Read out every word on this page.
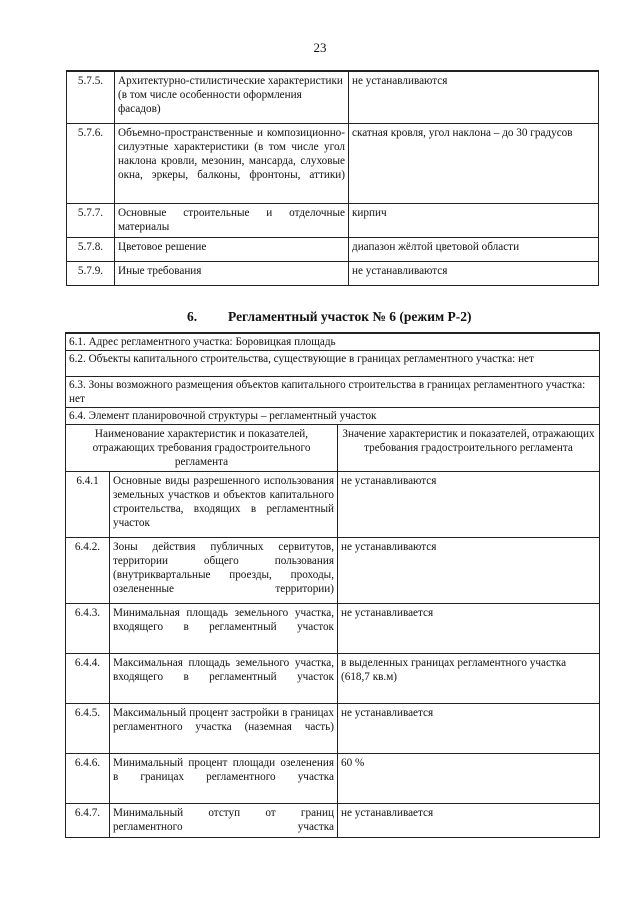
23
5.7.5.	Архитектурно-стилистические характеристики (в том числе особенности оформления фасадов)	не устанавливаются
5.7.6.	Объемно-пространственные и композиционно-силуэтные характеристики (в том числе угол наклона кровли, мезонин, мансарда, слуховые окна, эркеры, балконы, фронтоны, аттики)	скатная кровля, угол наклона – до 30 градусов
5.7.7.	Основные строительные и отделочные материалы	кирпич
5.7.8.	Цветовое решение	диапазон жёлтой цветовой области
5.7.9.	Иные требования	не устанавливаются
6. Регламентный участок № 6 (режим Р-2)
6.1. Адрес регламентного участка: Боровицкая площадь		
6.2. Объекты капитального строительства, существующие в границах регламентного участка: нет		
6.3. Зоны возможного размещения объектов капитального строительства в границах регламентного участка: нет		
6.4. Элемент планировочной структуры – регламентный участок		
Наименование характеристик и показателей, отражающих требования градостроительного регламента		Значение характеристик и показателей, отражающих требования градостроительного регламента
6.4.1	Основные виды разрешенного использования земельных участков и объектов капитального строительства, входящих в регламентный участок	не устанавливаются
6.4.2.	Зоны действия публичных сервитутов, территории общего пользования (внутриквартальные проезды, проходы, озелененные территории)	не устанавливаются
6.4.3.	Минимальная площадь земельного участка, входящего в регламентный участок	не устанавливается
6.4.4.	Максимальная площадь земельного участка, входящего в регламентный участок	в выделенных границах регламентного участка (618,7 кв.м)
6.4.5.	Максимальный процент застройки в границах регламентного участка (наземная часть)	не устанавливается
6.4.6.	Минимальный процент площади озеленения в границах регламентного участка	60 %
6.4.7.	Минимальный отступ от границ регламентного участка	не устанавливается
